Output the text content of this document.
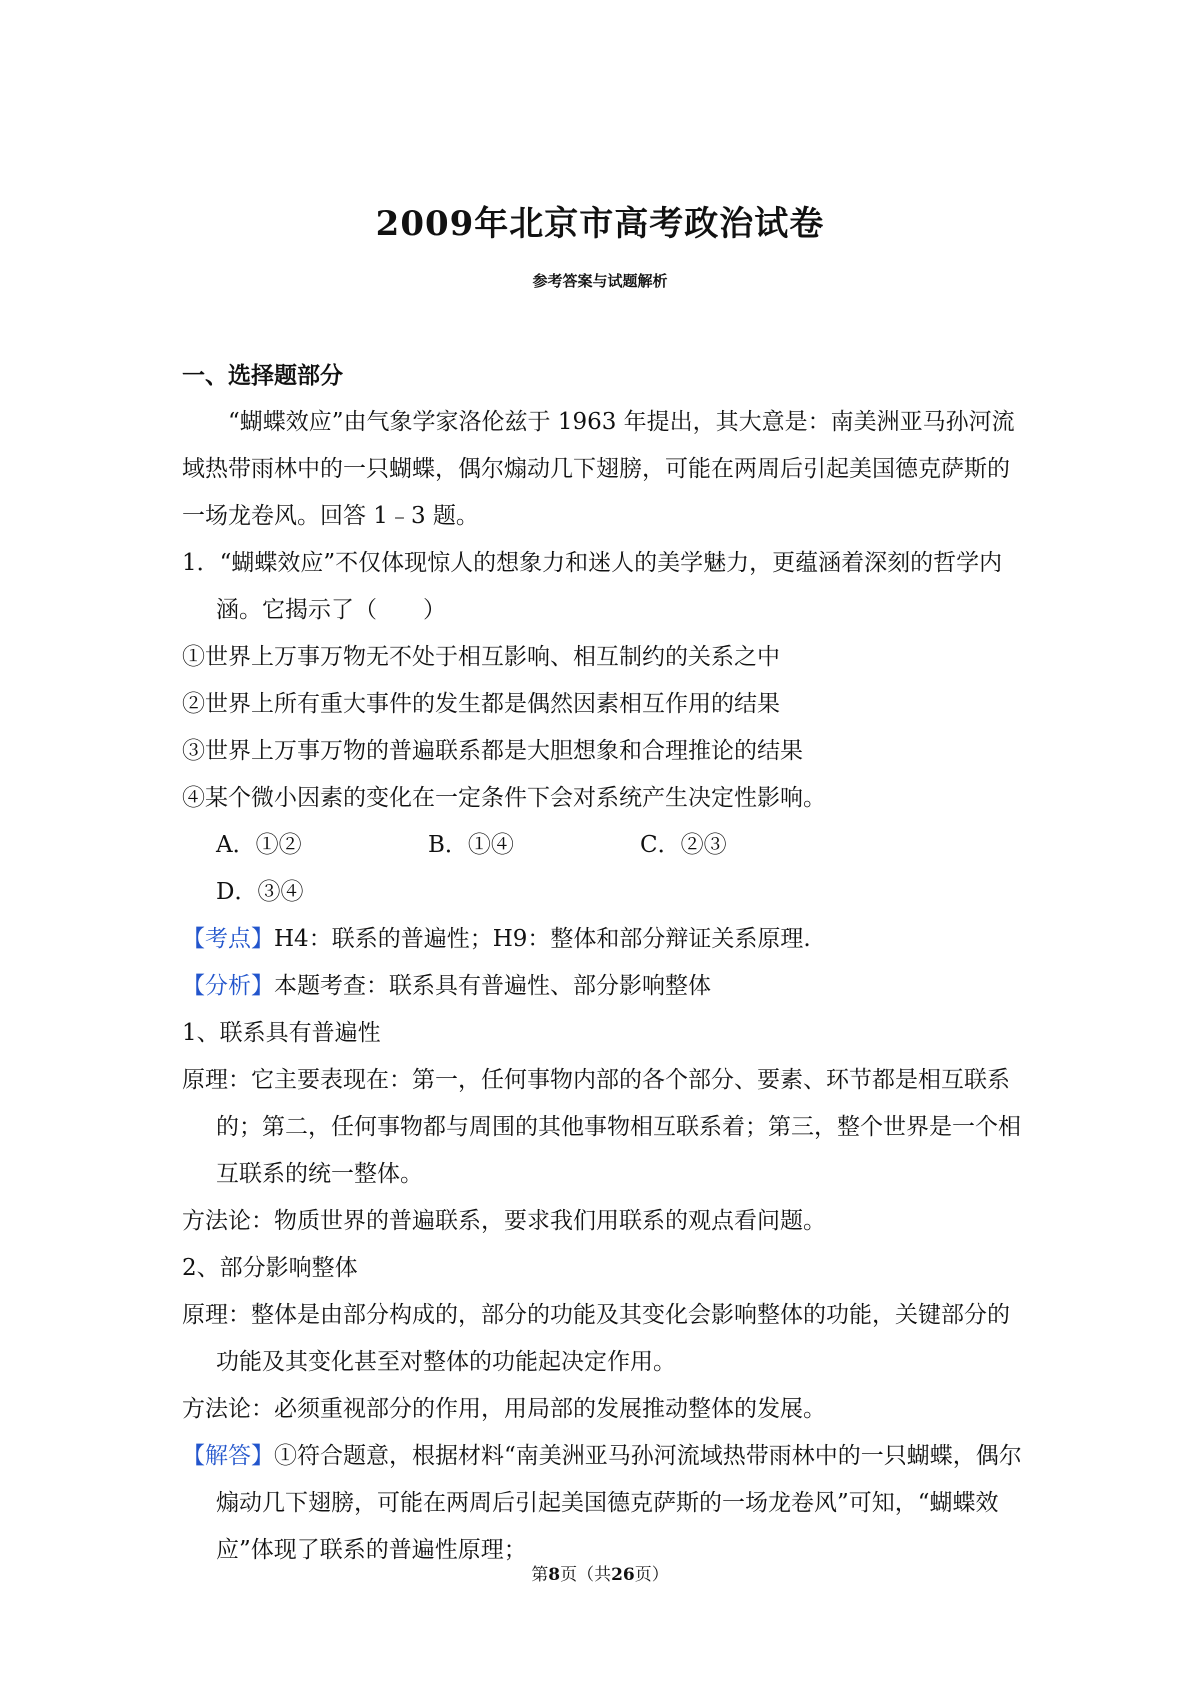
2009年北京市高考政治试卷
参考答案与试题解析

一、选择题部分

“蝴蝶效应”由气象学家洛伦兹于 1963 年提出，其大意是：南美洲亚马孙河流域热带雨林中的一只蝴蝶，偶尔煽动几下翅膀，可能在两周后引起美国德克萨斯的一场龙卷风。回答 1﹣3 题。

1．“蝴蝶效应”不仅体现惊人的想象力和迷人的美学魅力，更蕴涵着深刻的哲学内涵。它揭示了（　　）

①世界上万事万物无不处于相互影响、相互制约的关系之中

②世界上所有重大事件的发生都是偶然因素相互作用的结果

③世界上万事万物的普遍联系都是大胆想象和合理推论的结果

④某个微小因素的变化在一定条件下会对系统产生决定性影响。

A．①②	B．①④	C．②③D．③④

【考点】H4：联系的普遍性；H9：整体和部分辩证关系原理.

【分析】本题考查：联系具有普遍性、部分影响整体

1、联系具有普遍性

原理：它主要表现在：第一，任何事物内部的各个部分、要素、环节都是相互联系的；第二，任何事物都与周围的其他事物相互联系着；第三，整个世界是一个相互联系的统一整体。

方法论：物质世界的普遍联系，要求我们用联系的观点看问题。

2、部分影响整体

原理：整体是由部分构成的，部分的功能及其变化会影响整体的功能，关键部分的功能及其变化甚至对整体的功能起决定作用。

方法论：必须重视部分的作用，用局部的发展推动整体的发展。

【解答】①符合题意，根据材料“南美洲亚马孙河流域热带雨林中的一只蝴蝶，偶尔煽动几下翅膀，可能在两周后引起美国德克萨斯的一场龙卷风”可知，“蝴蝶效应”体现了联系的普遍性原理；

第8页（共26页）
